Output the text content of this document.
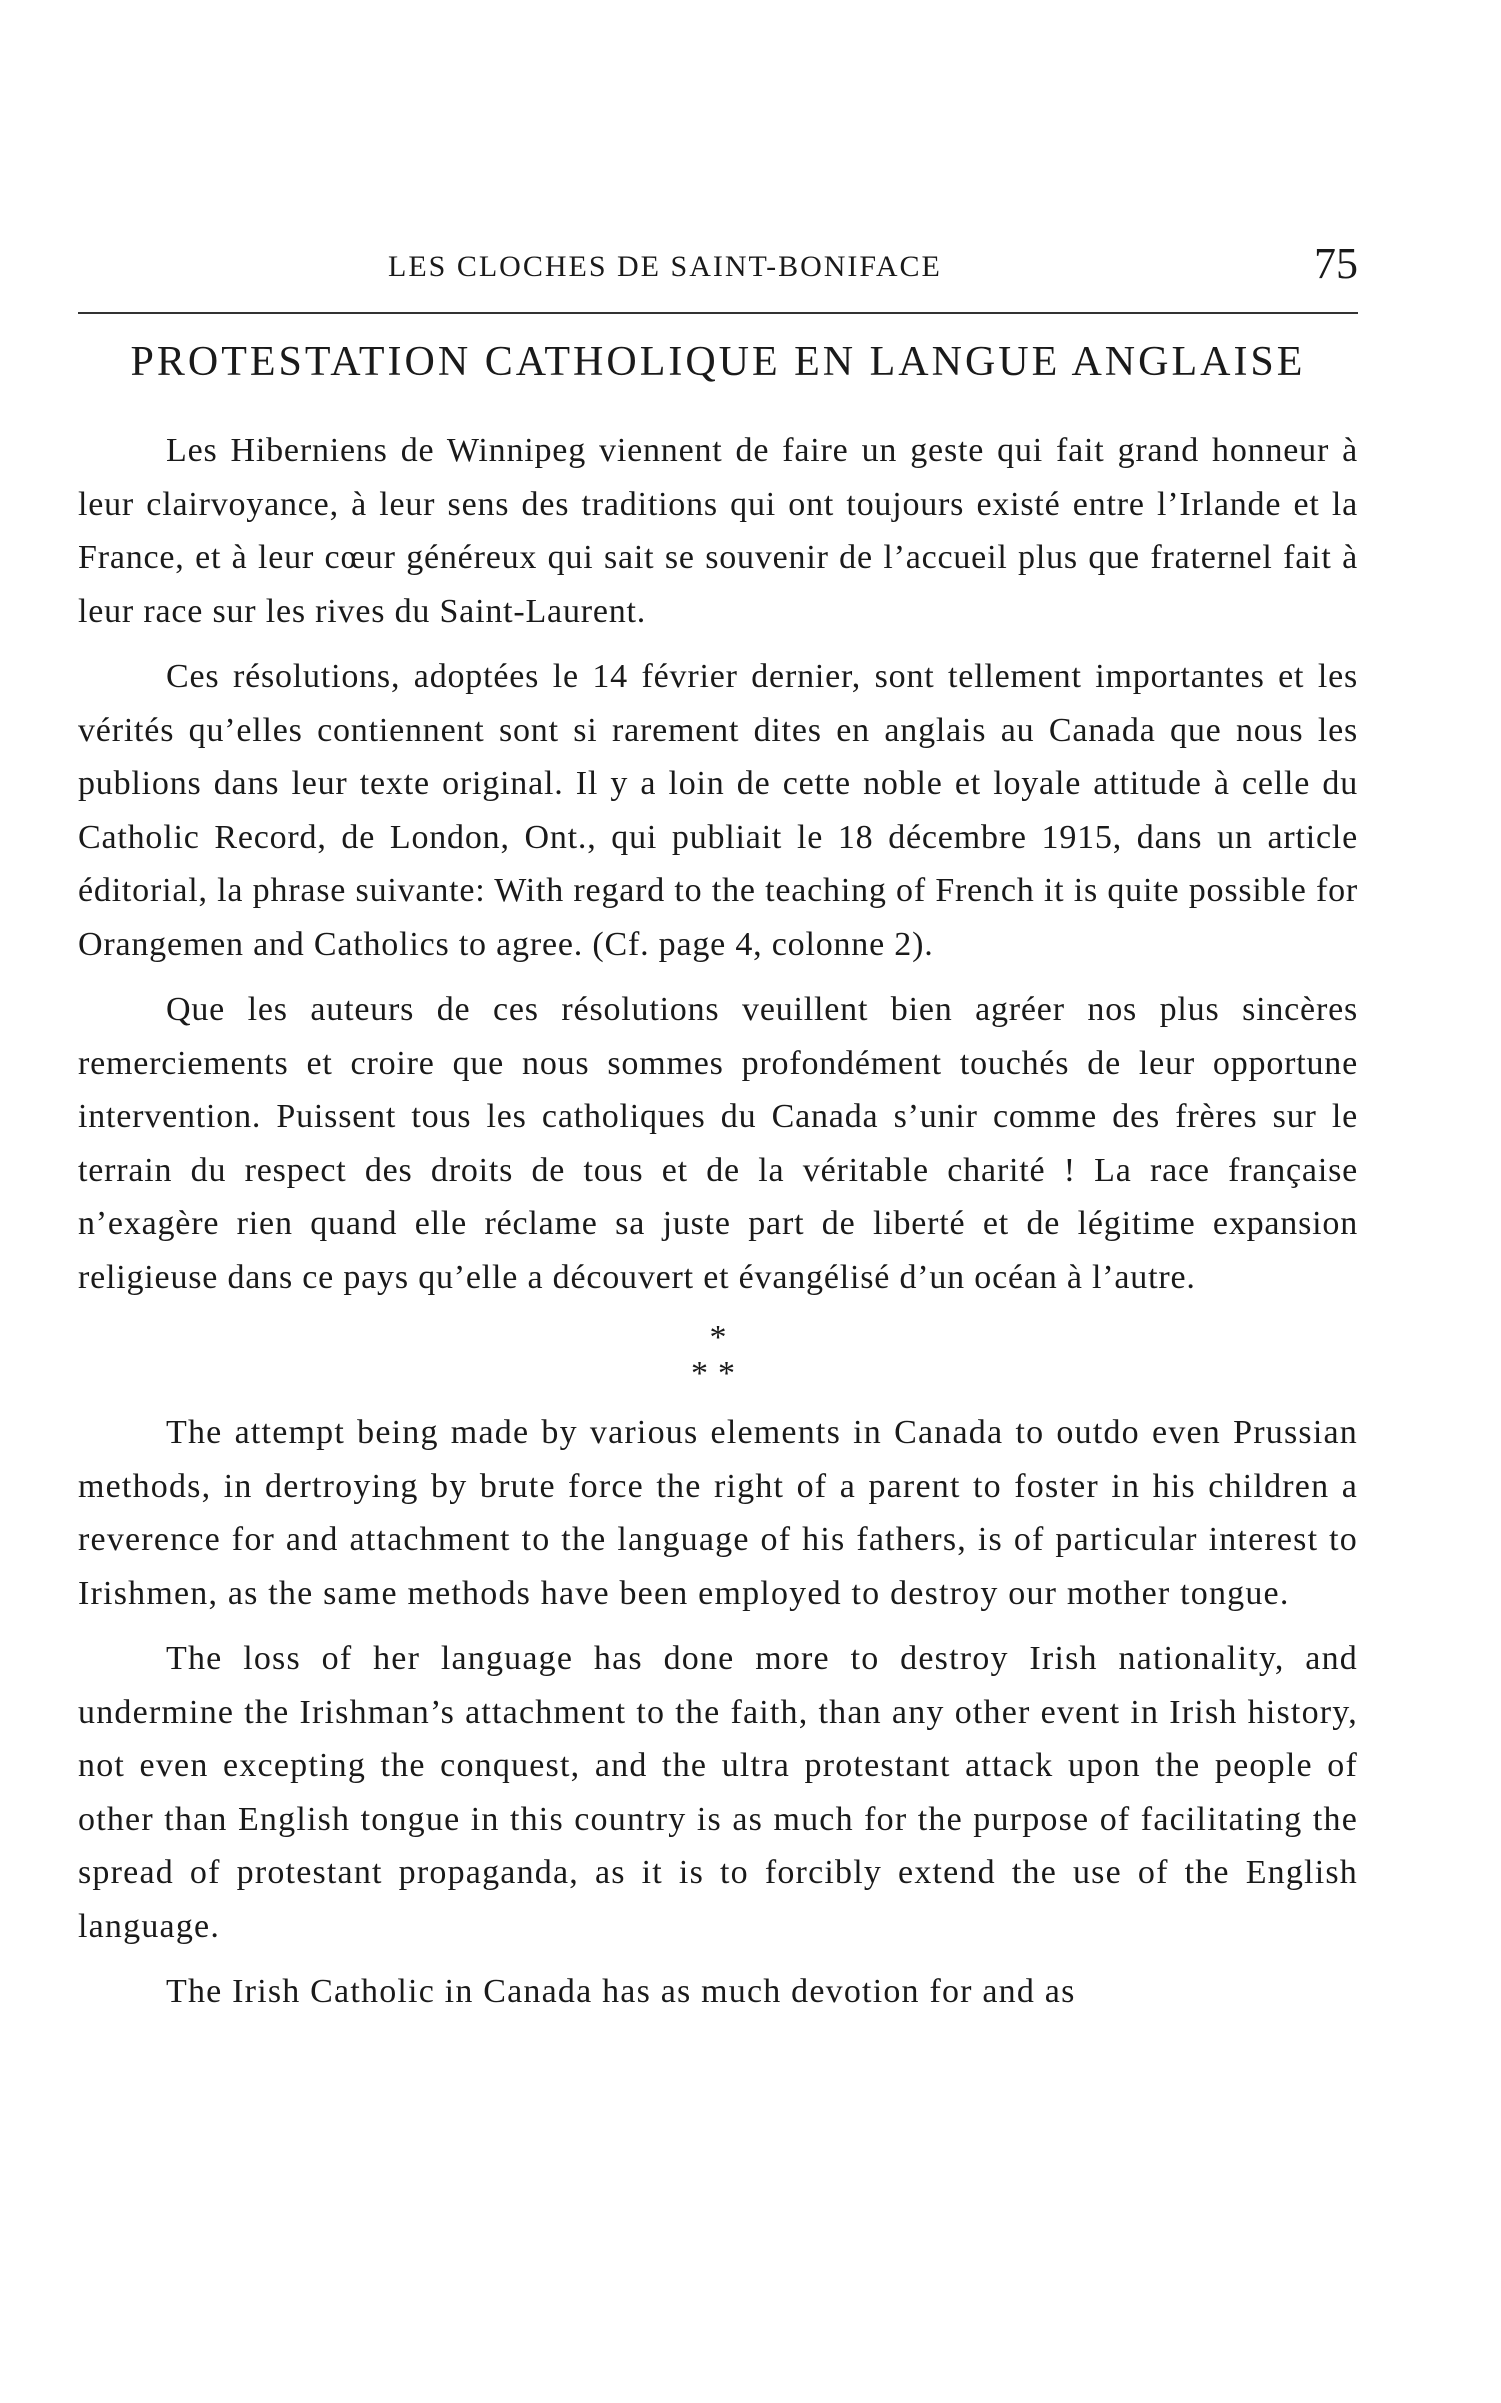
LES CLOCHES DE SAINT-BONIFACE	75
PROTESTATION CATHOLIQUE EN LANGUE ANGLAISE

Les Hiberniens de Winnipeg viennent de faire un geste qui fait grand honneur à leur clairvoyance, à leur sens des traditions qui ont toujours existé entre l’Irlande et la France, et à leur cœur généreux qui sait se souvenir de l’accueil plus que fraternel fait à leur race sur les rives du Saint-Laurent.

Ces résolutions, adoptées le 14 février dernier, sont tellement importantes et les vérités qu’elles contiennent sont si rarement dites en anglais au Canada que nous les publions dans leur texte original. Il y a loin de cette noble et loyale attitude à celle du Catholic Record, de London, Ont., qui publiait le 18 décembre 1915, dans un article éditorial, la phrase suivante: With regard to the teaching of French it is quite possible for Orangemen and Catholics to agree. (Cf. page 4, colonne 2).

Que les auteurs de ces résolutions veuillent bien agréer nos plus sincères remerciements et croire que nous sommes profondément touchés de leur opportune intervention. Puissent tous les catholiques du Canada s’unir comme des frères sur le terrain du respect des droits de tous et de la véritable charité ! La race française n’exagère rien quand elle réclame sa juste part de liberté et de légitime expansion religieuse dans ce pays qu’elle a découvert et évangélisé d’un océan à l’autre.

*
**

The attempt being made by various elements in Canada to outdo even Prussian methods, in dertroying by brute force the right of a parent to foster in his children a reverence for and attachment to the language of his fathers, is of particular interest to Irishmen, as the same methods have been employed to destroy our mother tongue.

The loss of her language has done more to destroy Irish nationality, and undermine the Irishman’s attachment to the faith, than any other event in Irish history, not even excepting the conquest, and the ultra protestant attack upon the people of other than English tongue in this country is as much for the purpose of facilitating the spread of protestant propaganda, as it is to forcibly extend the use of the English language.

The Irish Catholic in Canada has as much devotion for and as
